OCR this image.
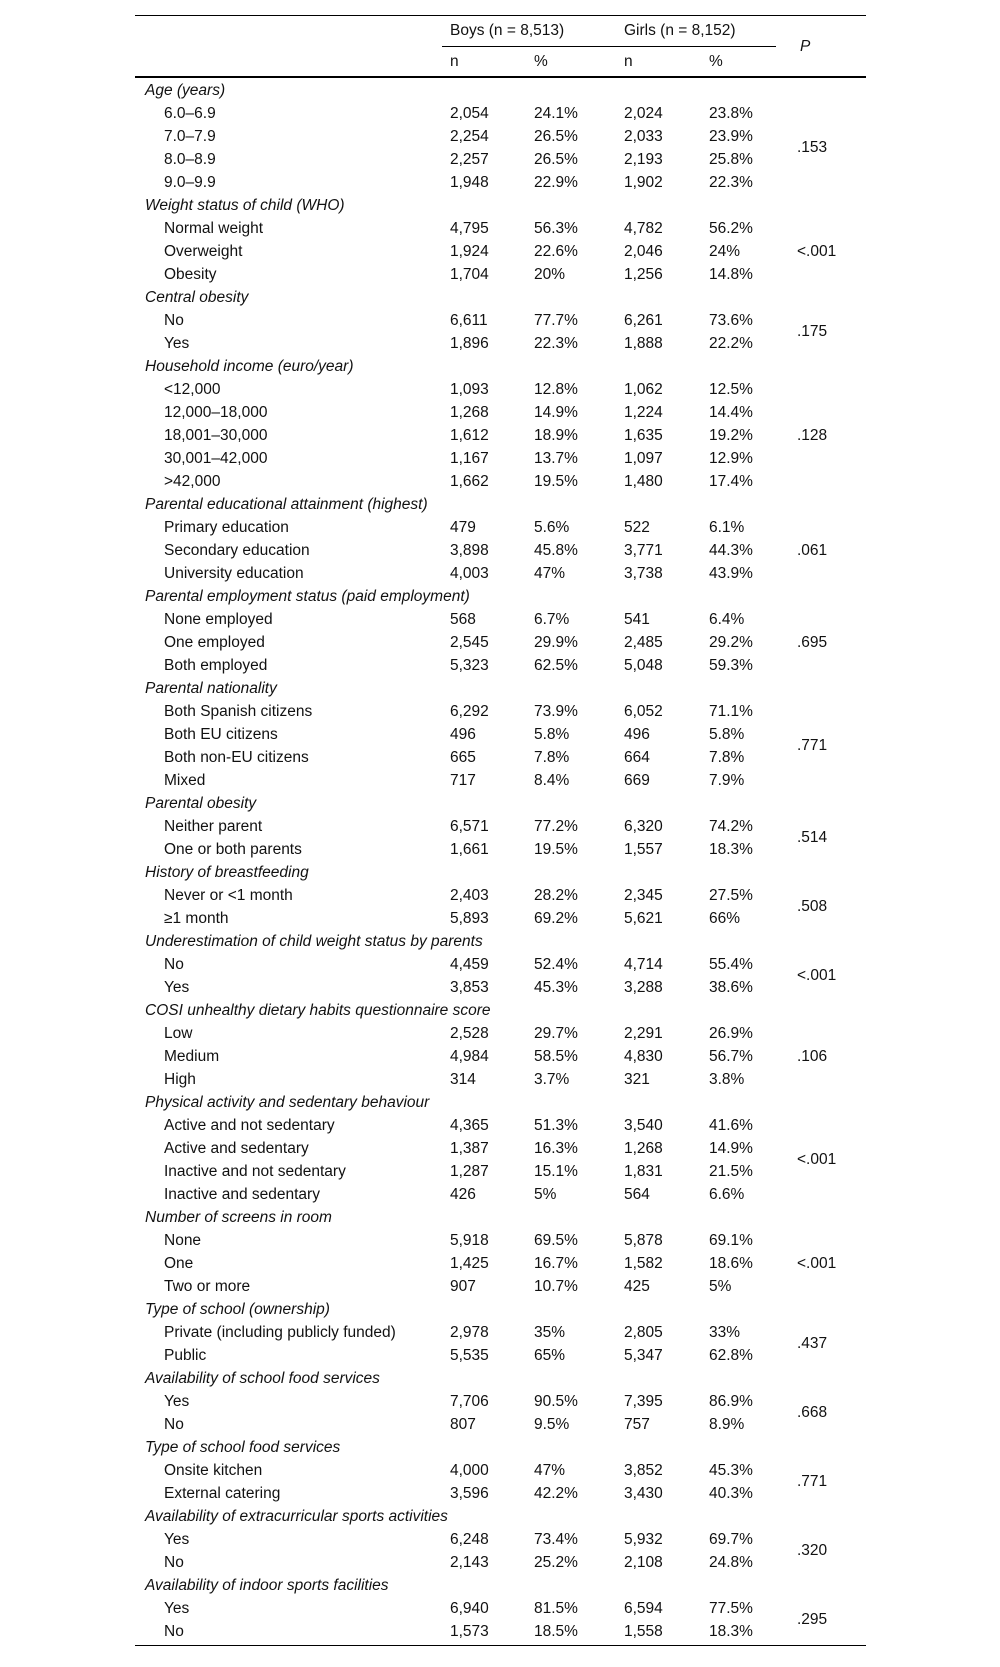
Boys (n = 8,513)	Girls (n = 8,152)
P
n	%	n	%
Age (years)
6.0–6.9	2,054	24.1%	2,024	23.8%
7.0–7.9	2,254	26.5%	2,033	23.9%
8.0–8.9	2,257	26.5%	2,193	25.8%
9.0–9.9	1,948	22.9%	1,902	22.3%
.153
Weight status of child (WHO)
Normal weight	4,795	56.3%	4,782	56.2%
Overweight	1,924	22.6%	2,046	24%
Obesity	1,704	20%	1,256	14.8%
<.001
Central obesity
No	6,611	77.7%	6,261	73.6%
Yes	1,896	22.3%	1,888	22.2%
.175
Household income (euro/year)
<12,000	1,093	12.8%	1,062	12.5%
12,000–18,000	1,268	14.9%	1,224	14.4%
18,001–30,000	1,612	18.9%	1,635	19.2%
30,001–42,000	1,167	13.7%	1,097	12.9%
>42,000	1,662	19.5%	1,480	17.4%
.128
Parental educational attainment (highest)
Primary education	479	5.6%	522	6.1%
Secondary education	3,898	45.8%	3,771	44.3%
University education	4,003	47%	3,738	43.9%
.061
Parental employment status (paid employment)
None employed	568	6.7%	541	6.4%
One employed	2,545	29.9%	2,485	29.2%
Both employed	5,323	62.5%	5,048	59.3%
.695
Parental nationality
Both Spanish citizens	6,292	73.9%	6,052	71.1%
Both EU citizens	496	5.8%	496	5.8%
Both non-EU citizens	665	7.8%	664	7.8%
Mixed	717	8.4%	669	7.9%
.771
Parental obesity
Neither parent	6,571	77.2%	6,320	74.2%
One or both parents	1,661	19.5%	1,557	18.3%
.514
History of breastfeeding
Never or <1 month	2,403	28.2%	2,345	27.5%
≥1 month	5,893	69.2%	5,621	66%
.508
Underestimation of child weight status by parents
No	4,459	52.4%	4,714	55.4%
Yes	3,853	45.3%	3,288	38.6%
<.001
COSI unhealthy dietary habits questionnaire score
Low	2,528	29.7%	2,291	26.9%
Medium	4,984	58.5%	4,830	56.7%
High	314	3.7%	321	3.8%
.106
Physical activity and sedentary behaviour
Active and not sedentary	4,365	51.3%	3,540	41.6%
Active and sedentary	1,387	16.3%	1,268	14.9%
Inactive and not sedentary	1,287	15.1%	1,831	21.5%
Inactive and sedentary	426	5%	564	6.6%
<.001
Number of screens in room
None	5,918	69.5%	5,878	69.1%
One	1,425	16.7%	1,582	18.6%
Two or more	907	10.7%	425	5%
<.001
Type of school (ownership)
Private (including publicly funded)	2,978	35%	2,805	33%
Public	5,535	65%	5,347	62.8%
.437
Availability of school food services
Yes	7,706	90.5%	7,395	86.9%
No	807	9.5%	757	8.9%
.668
Type of school food services
Onsite kitchen	4,000	47%	3,852	45.3%
External catering	3,596	42.2%	3,430	40.3%
.771
Availability of extracurricular sports activities
Yes	6,248	73.4%	5,932	69.7%
No	2,143	25.2%	2,108	24.8%
.320
Availability of indoor sports facilities
Yes	6,940	81.5%	6,594	77.5%
No	1,573	18.5%	1,558	18.3%
.295
